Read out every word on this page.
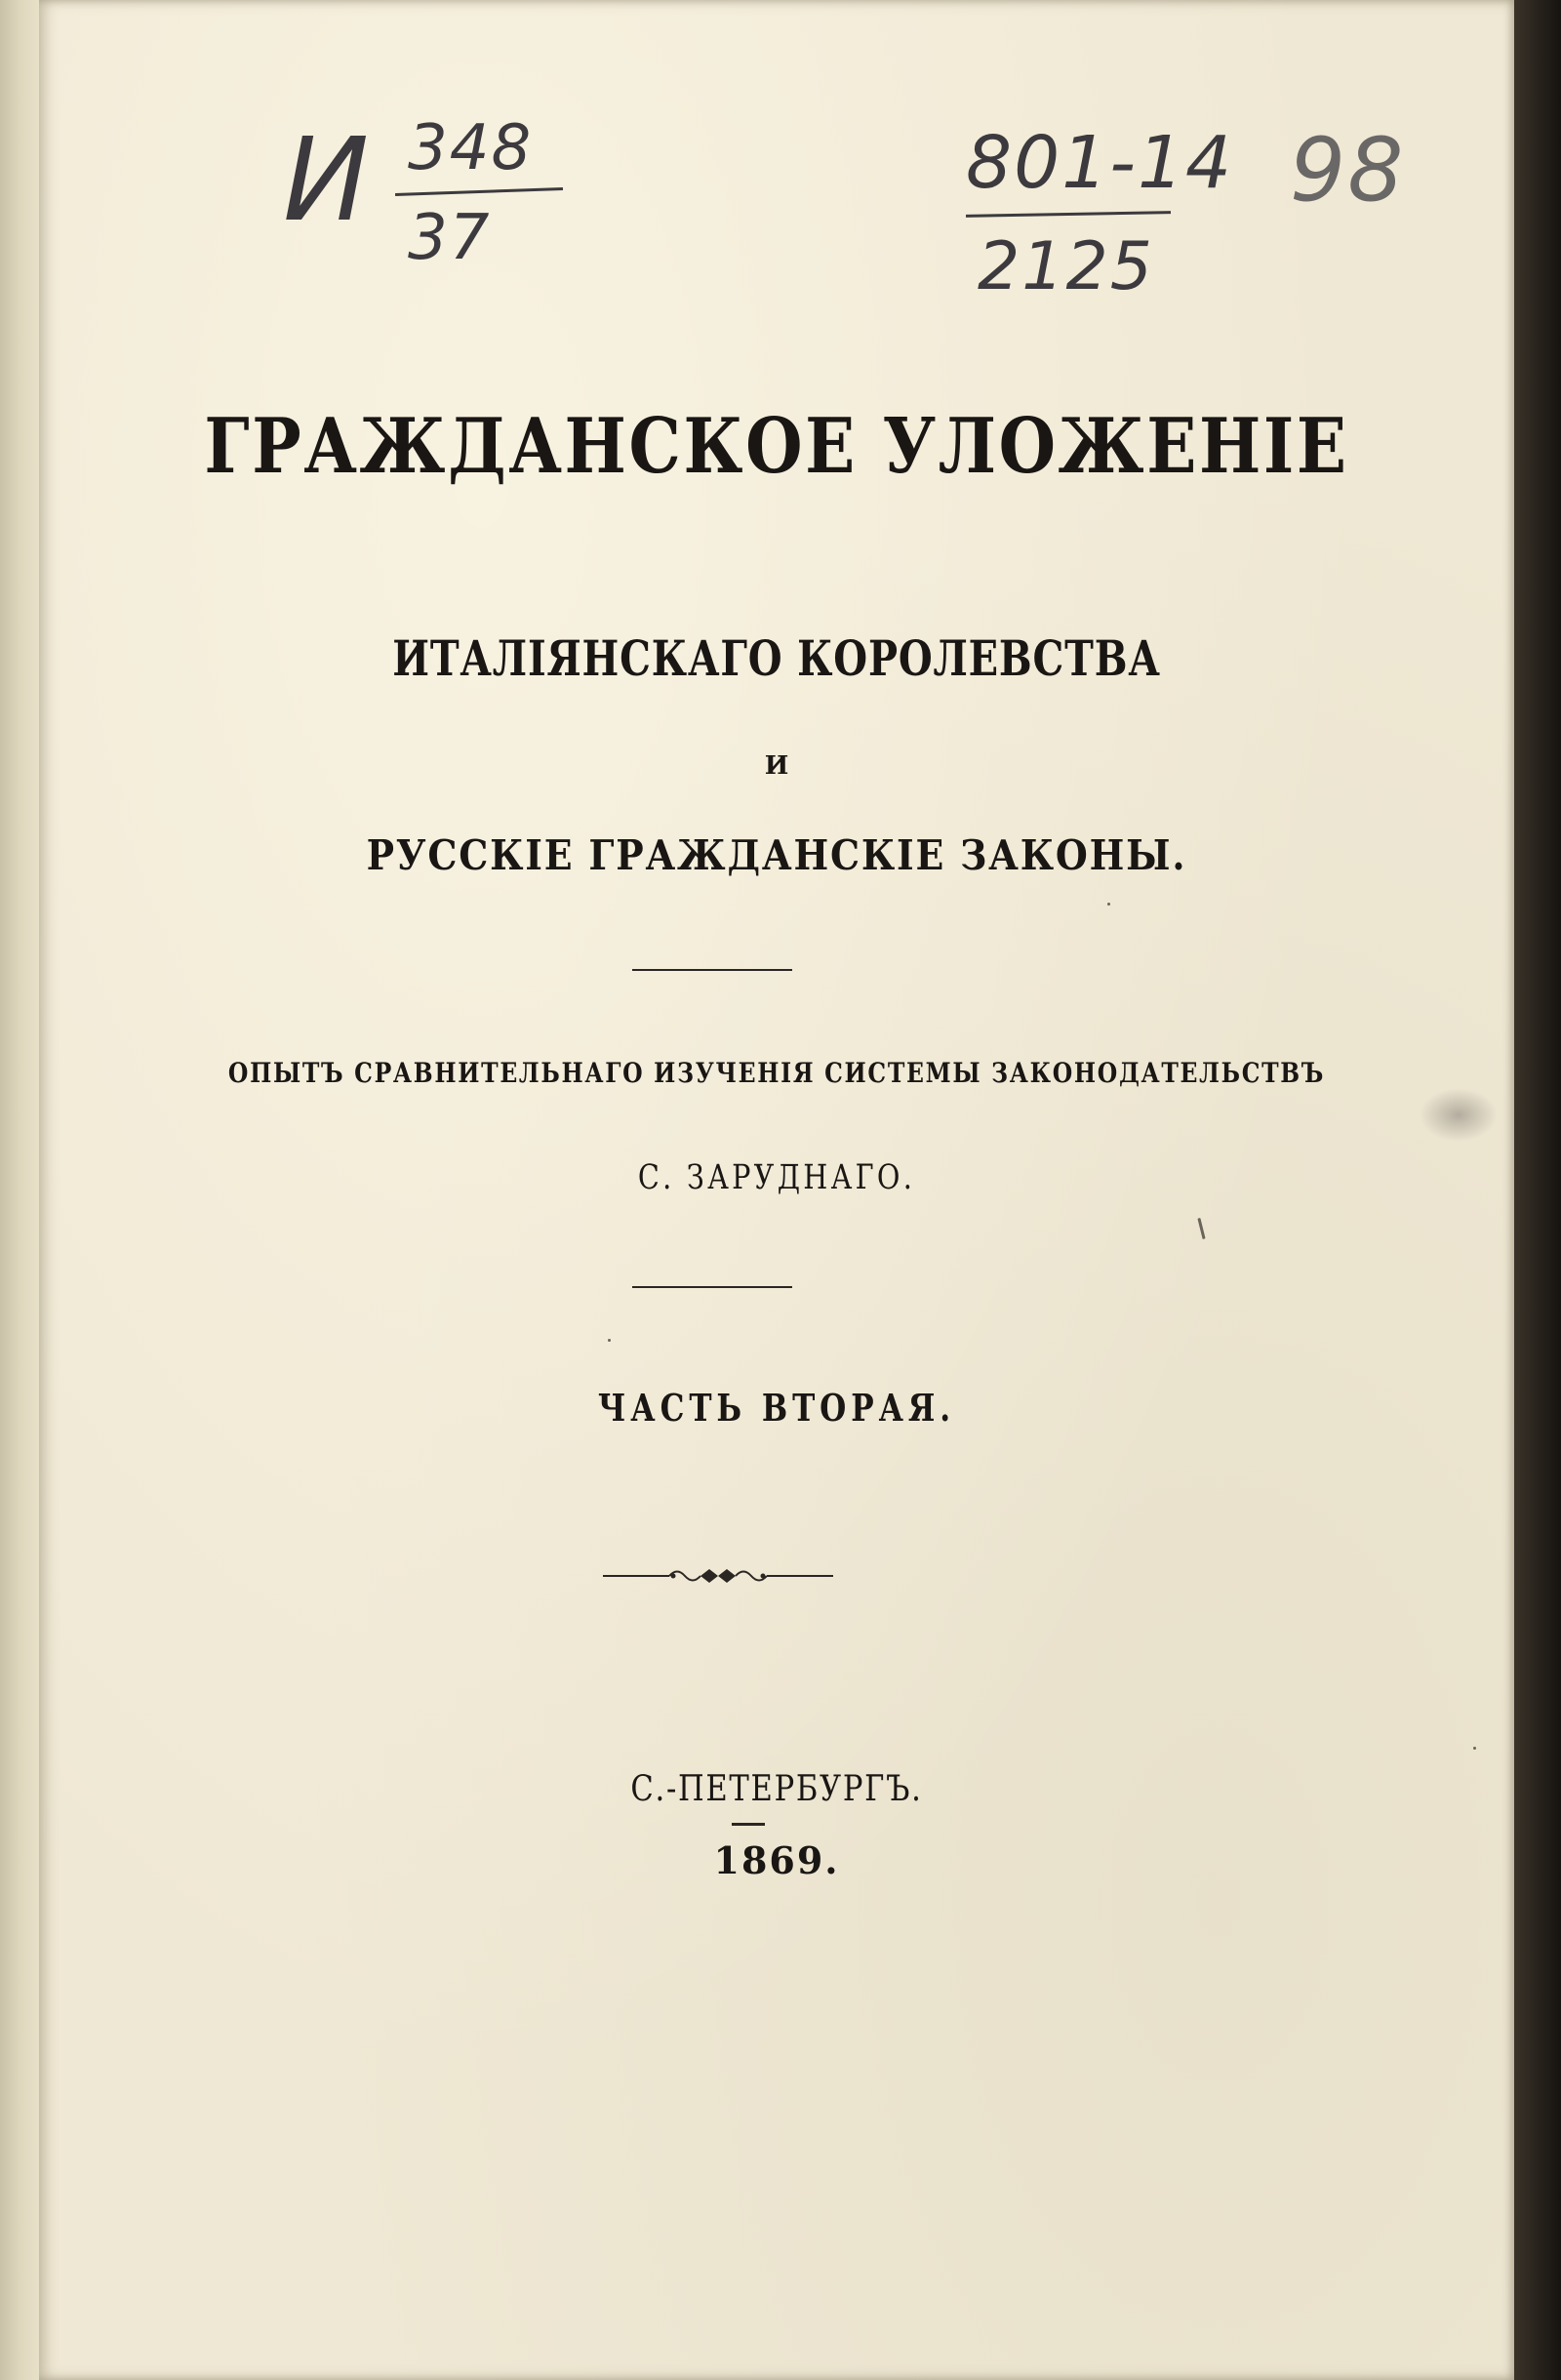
И 348
37
801-14
2125
98
ГРАЖДАНСКОЕ УЛОЖЕНІЕ
ИТАЛІЯНСКАГО КОРОЛЕВСТВА
И
РУССКІЕ ГРАЖДАНСКІЕ ЗАКОНЫ.
ОПЫТЪ СРАВНИТЕЛЬНАГО ИЗУЧЕНІЯ СИСТЕМЫ ЗАКОНОДАТЕЛЬСТВЪ
С. ЗАРУДНАГО.
ЧАСТЬ ВТОРАЯ.
С.-ПЕТЕРБУРГЪ.
1869.
